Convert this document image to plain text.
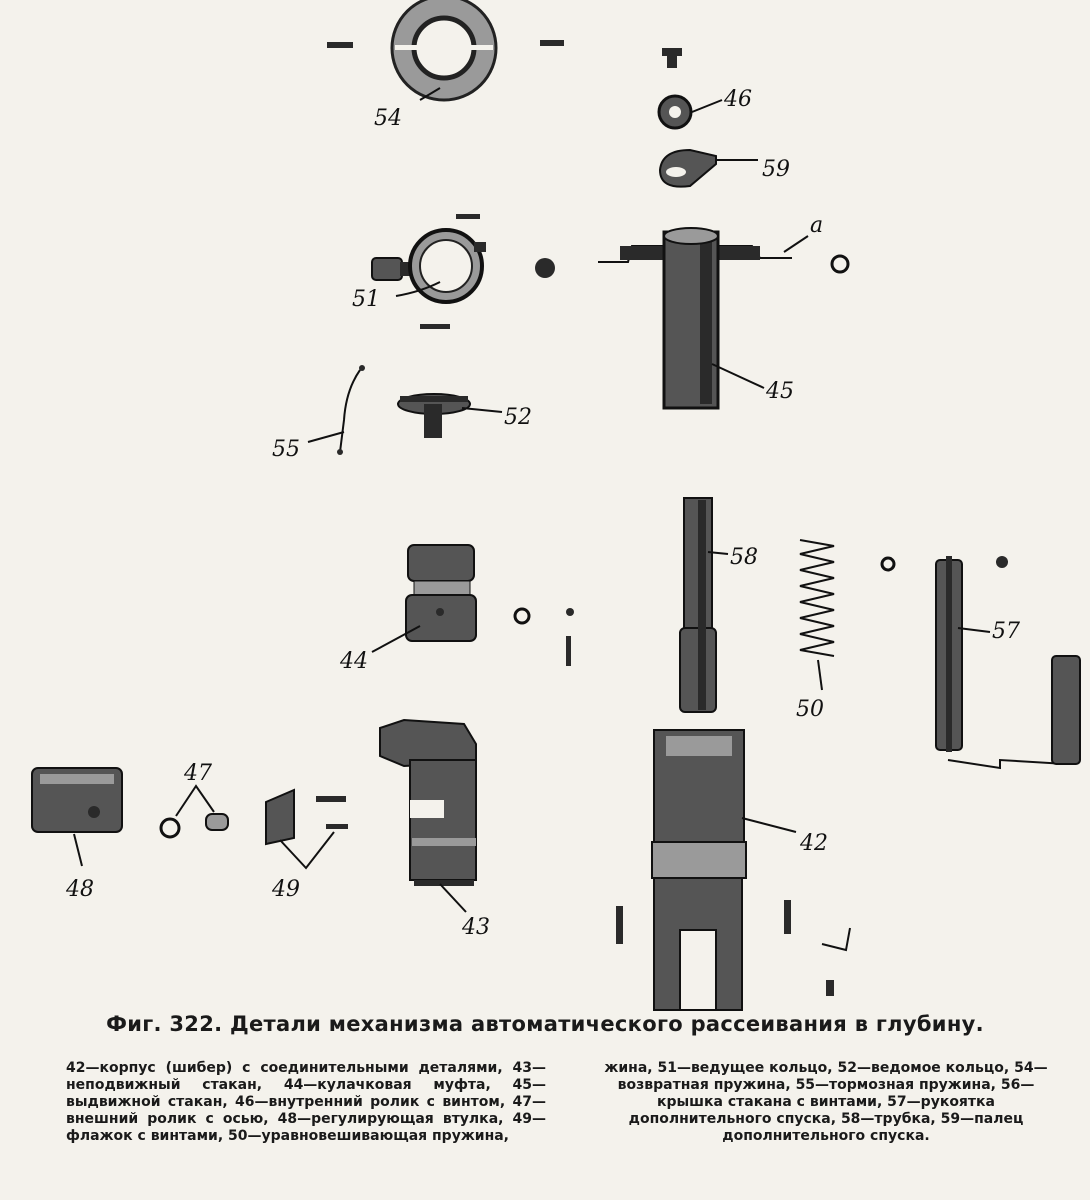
54
46
59
51
a
45
55
52
44
58
50
57
48
47
49
43
42
Фиг. 322. Детали механизма автоматического рассеивания в глубину.
42—корпус (шибер) с соединительными деталями, 43—неподвижный стакан, 44—кулачковая муфта, 45—выдвижной стакан, 46—внутренний ролик с винтом, 47—внешний ролик с осью, 48—регулирующая втулка, 49—флажок с винтами, 50—уравновешивающая пружина,
жина, 51—ведущее кольцо, 52—ведомое кольцо, 54—возвратная пружина, 55—тормозная пружина, 56—крышка стакана с винтами, 57—рукоятка дополнительного спуска, 58—трубка, 59—палец дополнительного спуска.
